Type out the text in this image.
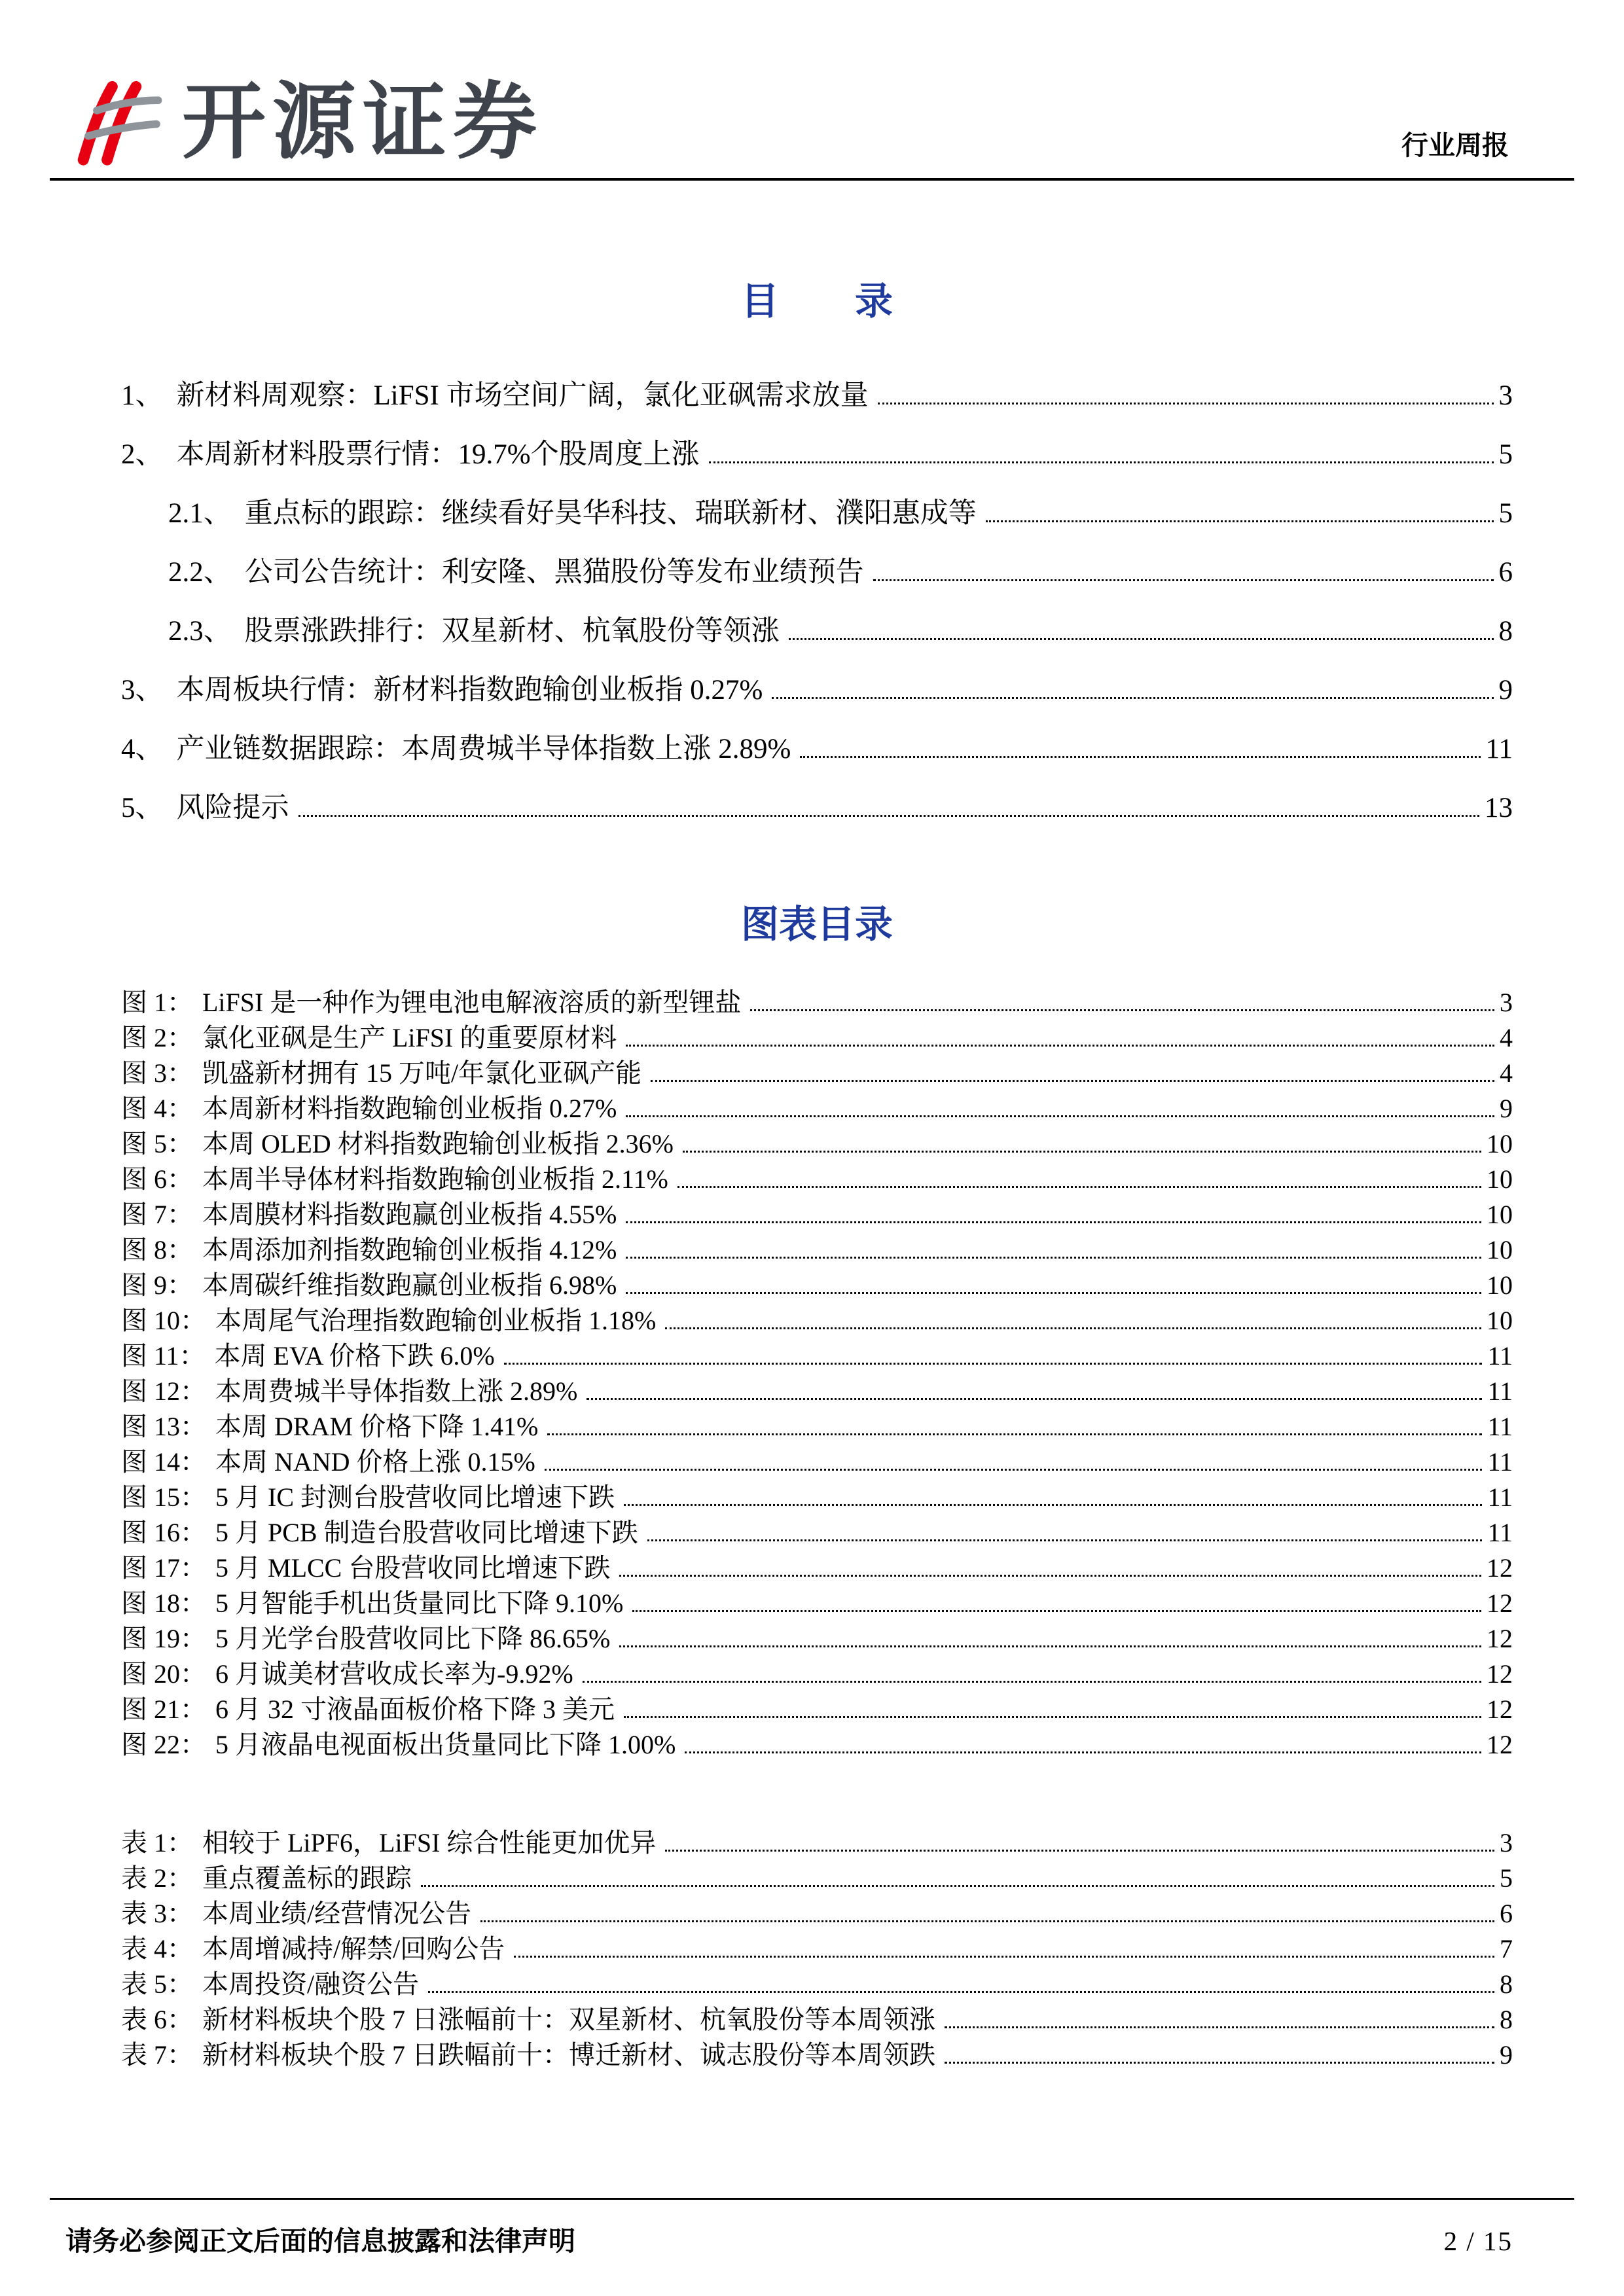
开源证券	行业周报
目　　录
1、 新材料周观察：LiFSI 市场空间广阔，氯化亚砜需求放量	3
2、 本周新材料股票行情：19.7%个股周度上涨	5
2.1、 重点标的跟踪：继续看好昊华科技、瑞联新材、濮阳惠成等	5
2.2、 公司公告统计：利安隆、黑猫股份等发布业绩预告	6
2.3、 股票涨跌排行：双星新材、杭氧股份等领涨	8
3、 本周板块行情：新材料指数跑输创业板指 0.27%	9
4、 产业链数据跟踪：本周费城半导体指数上涨 2.89%	11
5、 风险提示	13
图表目录
图 1： LiFSI 是一种作为锂电池电解液溶质的新型锂盐	3
图 2： 氯化亚砜是生产 LiFSI 的重要原材料	4
图 3： 凯盛新材拥有 15 万吨/年氯化亚砜产能	4
图 4： 本周新材料指数跑输创业板指 0.27%	9
图 5： 本周 OLED 材料指数跑输创业板指 2.36%	10
图 6： 本周半导体材料指数跑输创业板指 2.11%	10
图 7： 本周膜材料指数跑赢创业板指 4.55%	10
图 8： 本周添加剂指数跑输创业板指 4.12%	10
图 9： 本周碳纤维指数跑赢创业板指 6.98%	10
图 10： 本周尾气治理指数跑输创业板指 1.18%	10
图 11： 本周 EVA 价格下跌 6.0%	11
图 12： 本周费城半导体指数上涨 2.89%	11
图 13： 本周 DRAM 价格下降 1.41%	11
图 14： 本周 NAND 价格上涨 0.15%	11
图 15： 5 月 IC 封测台股营收同比增速下跌	11
图 16： 5 月 PCB 制造台股营收同比增速下跌	11
图 17： 5 月 MLCC 台股营收同比增速下跌	12
图 18： 5 月智能手机出货量同比下降 9.10%	12
图 19： 5 月光学台股营收同比下降 86.65%	12
图 20： 6 月诚美材营收成长率为-9.92%	12
图 21： 6 月 32 寸液晶面板价格下降 3 美元	12
图 22： 5 月液晶电视面板出货量同比下降 1.00%	12
表 1： 相较于 LiPF6，LiFSI 综合性能更加优异	3
表 2： 重点覆盖标的跟踪	5
表 3： 本周业绩/经营情况公告	6
表 4： 本周增减持/解禁/回购公告	7
表 5： 本周投资/融资公告	8
表 6： 新材料板块个股 7 日涨幅前十：双星新材、杭氧股份等本周领涨	8
表 7： 新材料板块个股 7 日跌幅前十：博迁新材、诚志股份等本周领跌	9
请务必参阅正文后面的信息披露和法律声明	2 / 15
